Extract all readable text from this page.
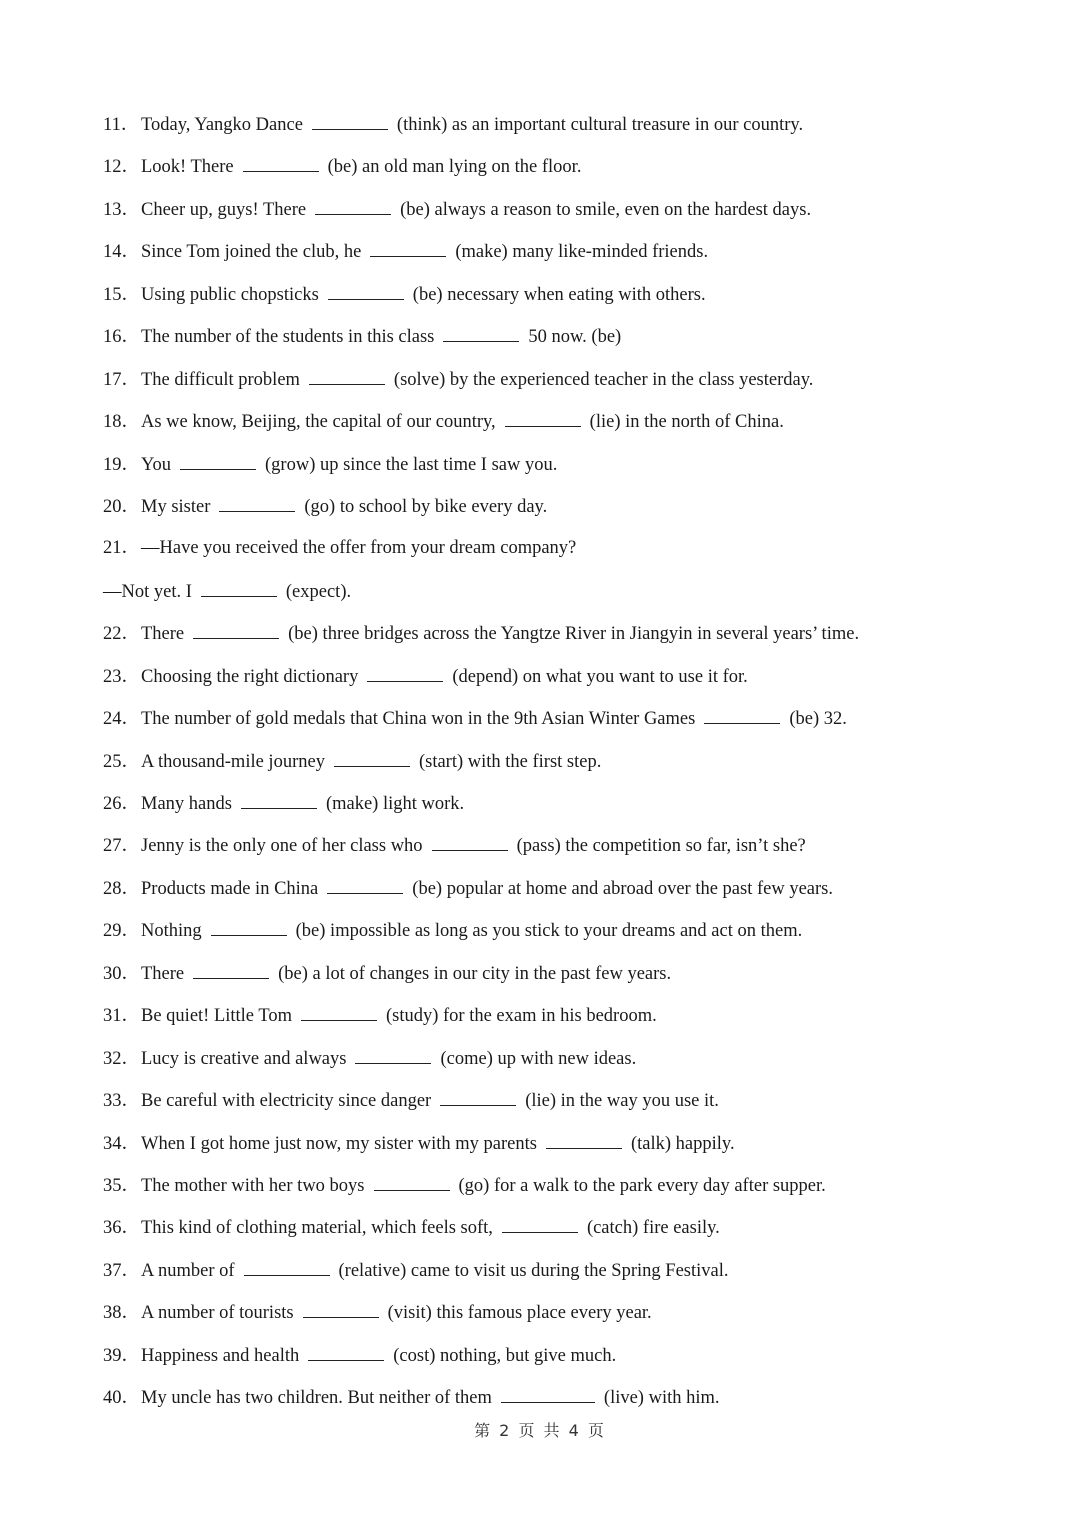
11．Today, Yangko Dance	(think) as an important cultural treasure in our country.
12．Look! There	(be) an old man lying on the floor.
13．Cheer up, guys! There	(be) always a reason to smile, even on the hardest days.
14．Since Tom joined the club, he	(make) many like-minded friends.
15．Using public chopsticks	(be) necessary when eating with others.
16．The number of the students in this class	50 now. (be)
17．The difficult problem	(solve) by the experienced teacher in the class yesterday.
18．As we know, Beijing, the capital of our country,	(lie) in the north of China.
19．You	(grow) up since the last time I saw you.
20．My sister	(go) to school by bike every day.
21．—Have you received the offer from your dream company?
—Not yet. I	(expect).
22．There	(be) three bridges across the Yangtze River in Jiangyin in several years’ time.
23．Choosing the right dictionary	(depend) on what you want to use it for.
24．The number of gold medals that China won in the 9th Asian Winter Games	(be) 32.
25．A thousand-mile journey	(start) with the first step.
26．Many hands	(make) light work.
27．Jenny is the only one of her class who	(pass) the competition so far, isn’t she?
28．Products made in China	(be) popular at home and abroad over the past few years.
29．Nothing	(be) impossible as long as you stick to your dreams and act on them.
30．There	(be) a lot of changes in our city in the past few years.
31．Be quiet! Little Tom	(study) for the exam in his bedroom.
32．Lucy is creative and always	(come) up with new ideas.
33．Be careful with electricity since danger	(lie) in the way you use it.
34．When I got home just now, my sister with my parents	(talk) happily.
35．The mother with her two boys	(go) for a walk to the park every day after supper.
36．This kind of clothing material, which feels soft,	(catch) fire easily.
37．A number of	(relative) came to visit us during the Spring Festival.
38．A number of tourists	(visit) this famous place every year.
39．Happiness and health	(cost) nothing, but give much.
40．My uncle has two children. But neither of them	(live) with him.
第 2 页 共 4 页
